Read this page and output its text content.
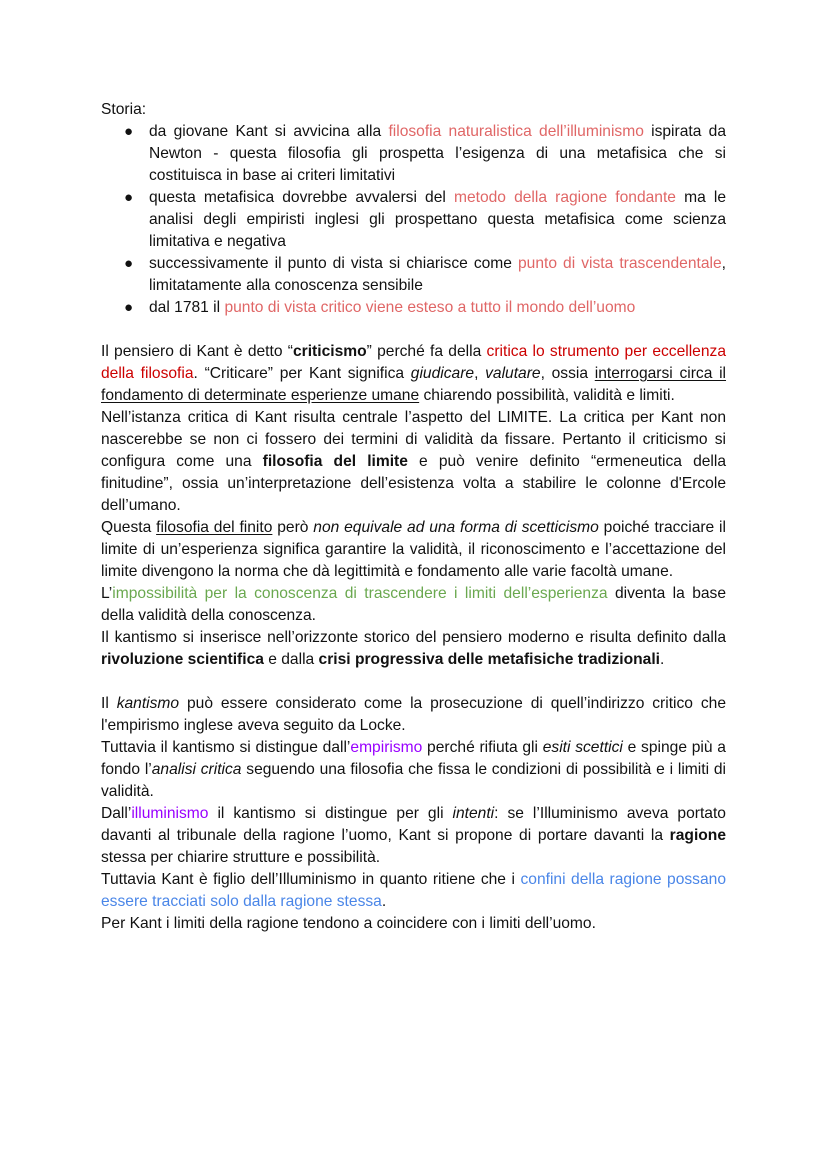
Storia:

● da giovane Kant si avvicina alla filosofia naturalistica dell’illuminismo ispirata da Newton - questa filosofia gli prospetta l’esigenza di una metafisica che si costituisca in base ai criteri limitativi
● questa metafisica dovrebbe avvalersi del metodo della ragione fondante ma le analisi degli empiristi inglesi gli prospettano questa metafisica come scienza limitativa e negativa
● successivamente il punto di vista si chiarisce come punto di vista trascendentale, limitatamente alla conoscenza sensibile
● dal 1781 il punto di vista critico viene esteso a tutto il mondo dell’uomo

Il pensiero di Kant è detto “criticismo” perché fa della critica lo strumento per eccellenza della filosofia. “Criticare” per Kant significa giudicare, valutare, ossia interrogarsi circa il fondamento di determinate esperienze umane chiarendo possibilità, validità e limiti.

Nell’istanza critica di Kant risulta centrale l’aspetto del LIMITE. La critica per Kant non nascerebbe se non ci fossero dei termini di validità da fissare. Pertanto il criticismo si configura come una filosofia del limite e può venire definito “ermeneutica della finitudine”, ossia un’interpretazione dell’esistenza volta a stabilire le colonne d'Ercole dell’umano.

Questa filosofia del finito però non equivale ad una forma di scetticismo poiché tracciare il limite di un’esperienza significa garantire la validità, il riconoscimento e l’accettazione del limite divengono la norma che dà legittimità e fondamento alle varie facoltà umane.

L’impossibilità per la conoscenza di trascendere i limiti dell’esperienza diventa la base della validità della conoscenza.

Il kantismo si inserisce nell’orizzonte storico del pensiero moderno e risulta definito dalla rivoluzione scientifica e dalla crisi progressiva delle metafisiche tradizionali.

Il kantismo può essere considerato come la prosecuzione di quell’indirizzo critico che l'empirismo inglese aveva seguito da Locke.

Tuttavia il kantismo si distingue dall’empirismo perché rifiuta gli esiti scettici e spinge più a fondo l’analisi critica seguendo una filosofia che fissa le condizioni di possibilità e i limiti di validità.

Dall’illuminismo il kantismo si distingue per gli intenti: se l’Illuminismo aveva portato davanti al tribunale della ragione l’uomo, Kant si propone di portare davanti la ragione stessa per chiarire strutture e possibilità.

Tuttavia Kant è figlio dell’Illuminismo in quanto ritiene che i confini della ragione possano essere tracciati solo dalla ragione stessa.

Per Kant i limiti della ragione tendono a coincidere con i limiti dell’uomo.
